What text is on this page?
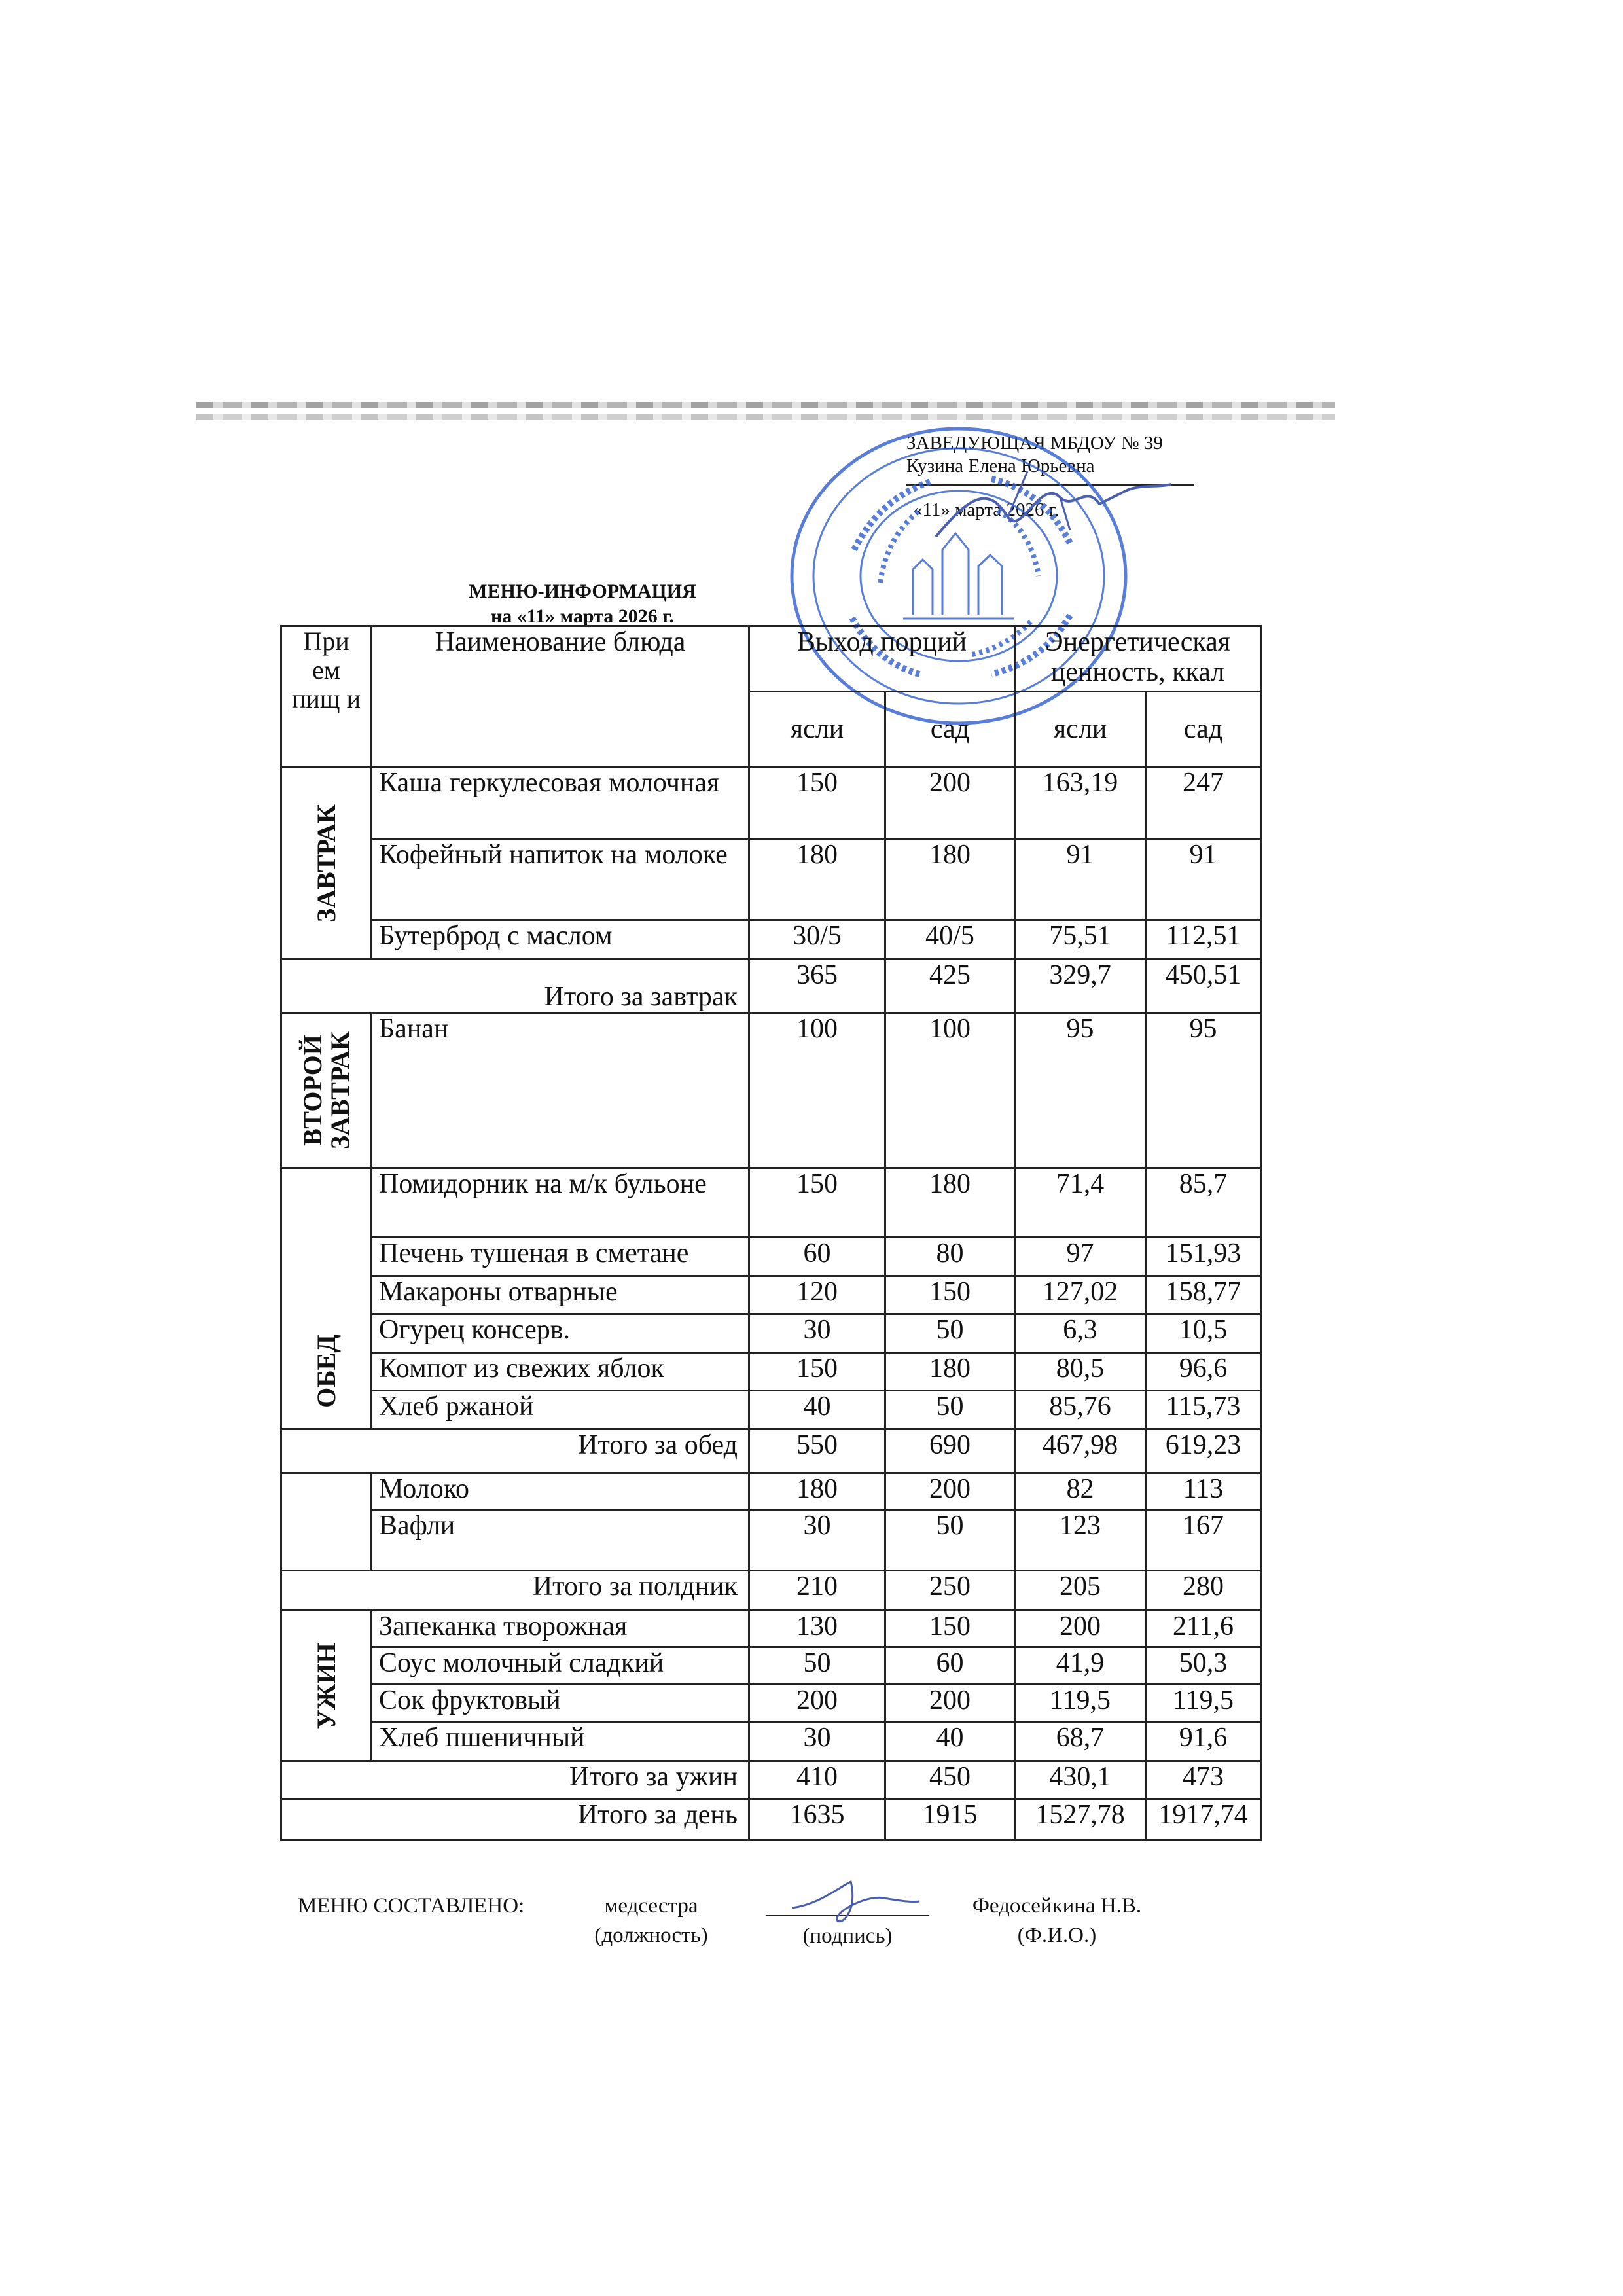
ЗАВЕДУЮЩАЯ МБДОУ № 39
Кузина Елена Юрьевна
«11» марта 2026 г.
МЕНЮ-ИНФОРМАЦИЯ
на «11» марта 2026 г.
При ем пищ и	Наименование блюда	Выход порций		Энергетическая ценность, ккал	
		ясли	сад	ясли	сад

ЗАВТРАК	Каша геркулесовая молочная	150	200	163,19	247
	Кофейный напиток на молоке	180	180	91	91
	Бутерброд с маслом	30/5	40/5	75,51	112,51
Итого за завтрак		365	425	329,7	450,51

ВТОРОЙ
ЗАВТРАК	Банан	100	100	95	95

ОБЕД	Помидорник на м/к бульоне	150	180	71,4	85,7
	Печень тушеная в сметане	60	80	97	151,93
	Макароны отварные	120	150	127,02	158,77
	Огурец консерв.	30	50	6,3	10,5
	Компот из свежих яблок	150	180	80,5	96,6
	Хлеб ржаной	40	50	85,76	115,73
Итого за обед		550	690	467,98	619,23
	Молоко	180	200	82	113
	Вафли	30	50	123	167
Итого за полдник		210	250	205	280

УЖИН	Запеканка творожная	130	150	200	211,6
	Соус молочный сладкий	50	60	41,9	50,3
	Сок фруктовый	200	200	119,5	119,5
	Хлеб пшеничный	30	40	68,7	91,6
Итого за ужин		410	450	430,1	473
Итого за день		1635	1915	1527,78	1917,74
МЕНЮ СОСТАВЛЕНО:	медсестра
(должность)	(подпись)
Федосейкина Н.В.
(Ф.И.О.)
